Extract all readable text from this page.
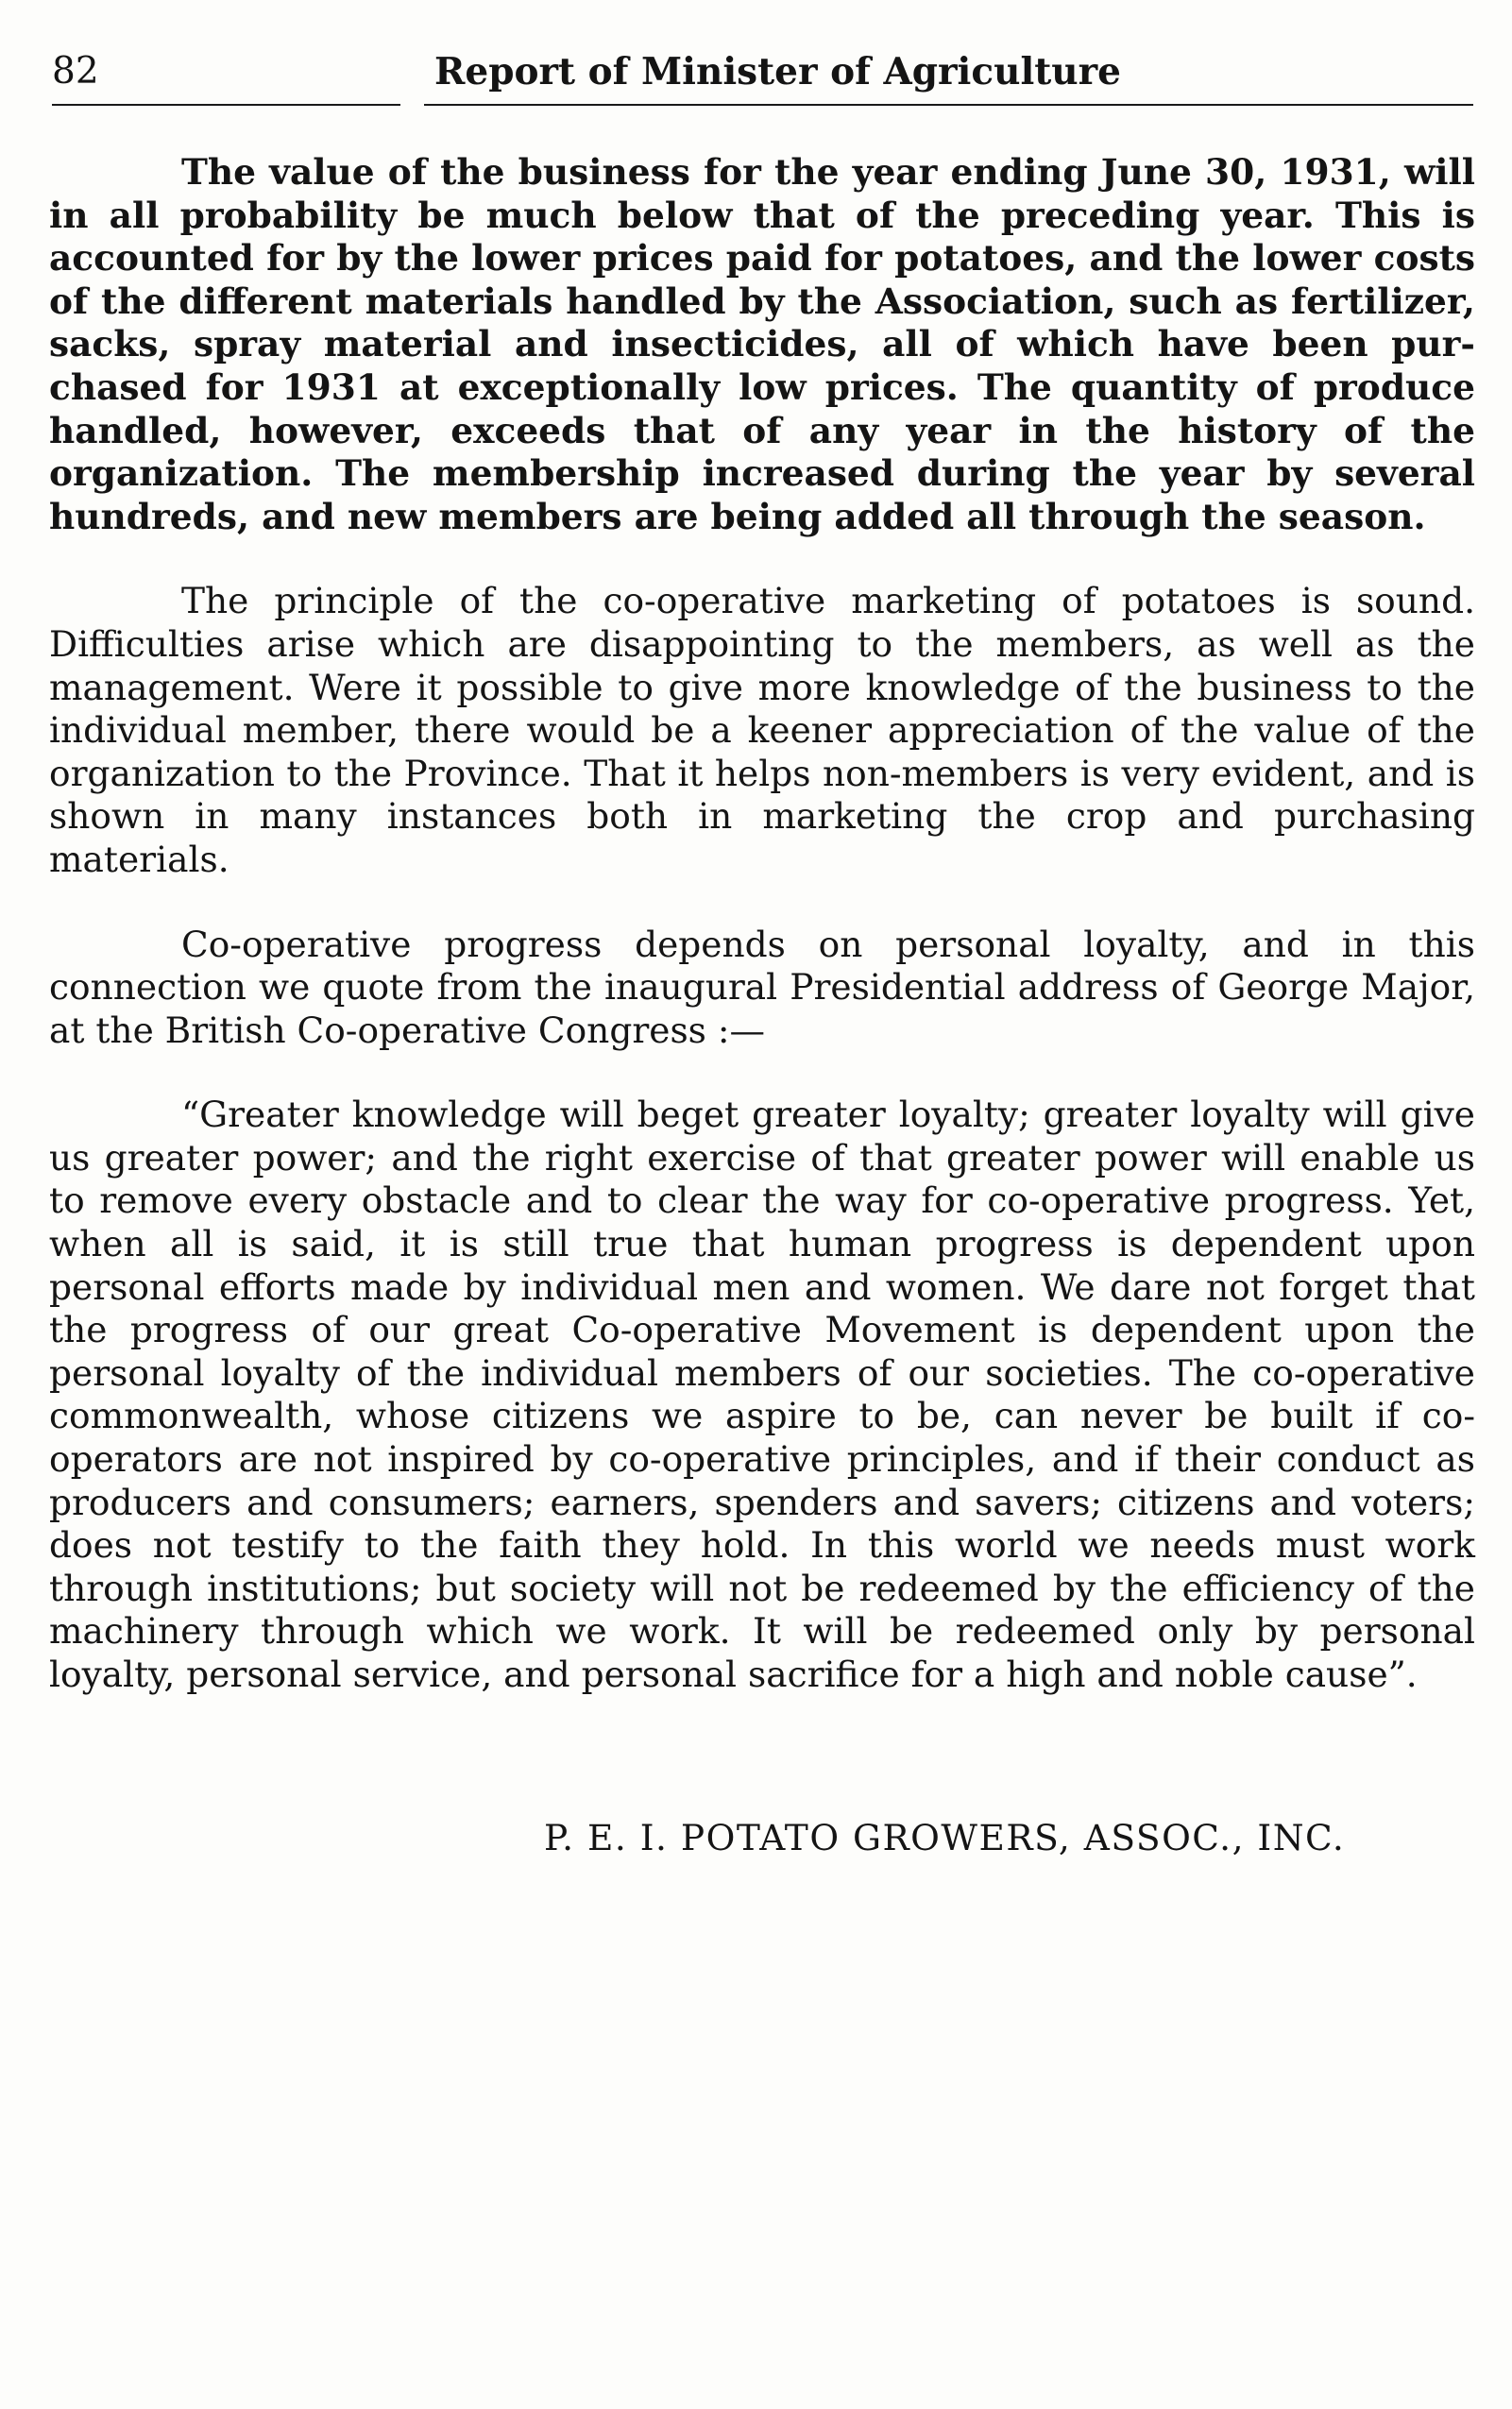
82	Report of Minister of Agriculture

The value of the business for the year ending June 30, 1931, will in all probability be much below that of the preceding year. This is accounted for by the lower prices paid for potatoes, and the lower costs of the different materials handled by the Association, such as fertilizer, sacks, spray material and insecticides, all of which have been purchased for 1931 at exceptionally low prices. The quantity of produce handled, however, exceeds that of any year in the history of the organization. The membership increased during the year by several hundreds, and new members are being added all through the season.

The principle of the co-operative marketing of potatoes is sound. Difficulties arise which are disappointing to the members, as well as the management. Were it possible to give more knowledge of the business to the individual member, there would be a keener appreciation of the value of the organization to the Province. That it helps non-members is very evident, and is shown in many instances both in marketing the crop and purchasing materials.

Co-operative progress depends on personal loyalty, and in this connection we quote from the inaugural Presidential address of George Major, at the British Co-operative Congress :—

“Greater knowledge will beget greater loyalty; greater loyalty will give us greater power; and the right exercise of that greater power will enable us to remove every obstacle and to clear the way for co-operative progress. Yet, when all is said, it is still true that human progress is dependent upon personal efforts made by individual men and women. We dare not forget that the progress of our great Co-operative Movement is dependent upon the personal loyalty of the individual members of our societies. The co-operative commonwealth, whose citizens we aspire to be, can never be built if co-operators are not inspired by co-operative principles, and if their conduct as producers and consumers; earners, spenders and savers; citizens and voters; does not testify to the faith they hold. In this world we needs must work through institutions; but society will not be redeemed by the efficiency of the machinery through which we work. It will be redeemed only by personal loyalty, personal service, and personal sacrifice for a high and noble cause”.

P. E. I. POTATO GROWERS, ASSOC., INC.
